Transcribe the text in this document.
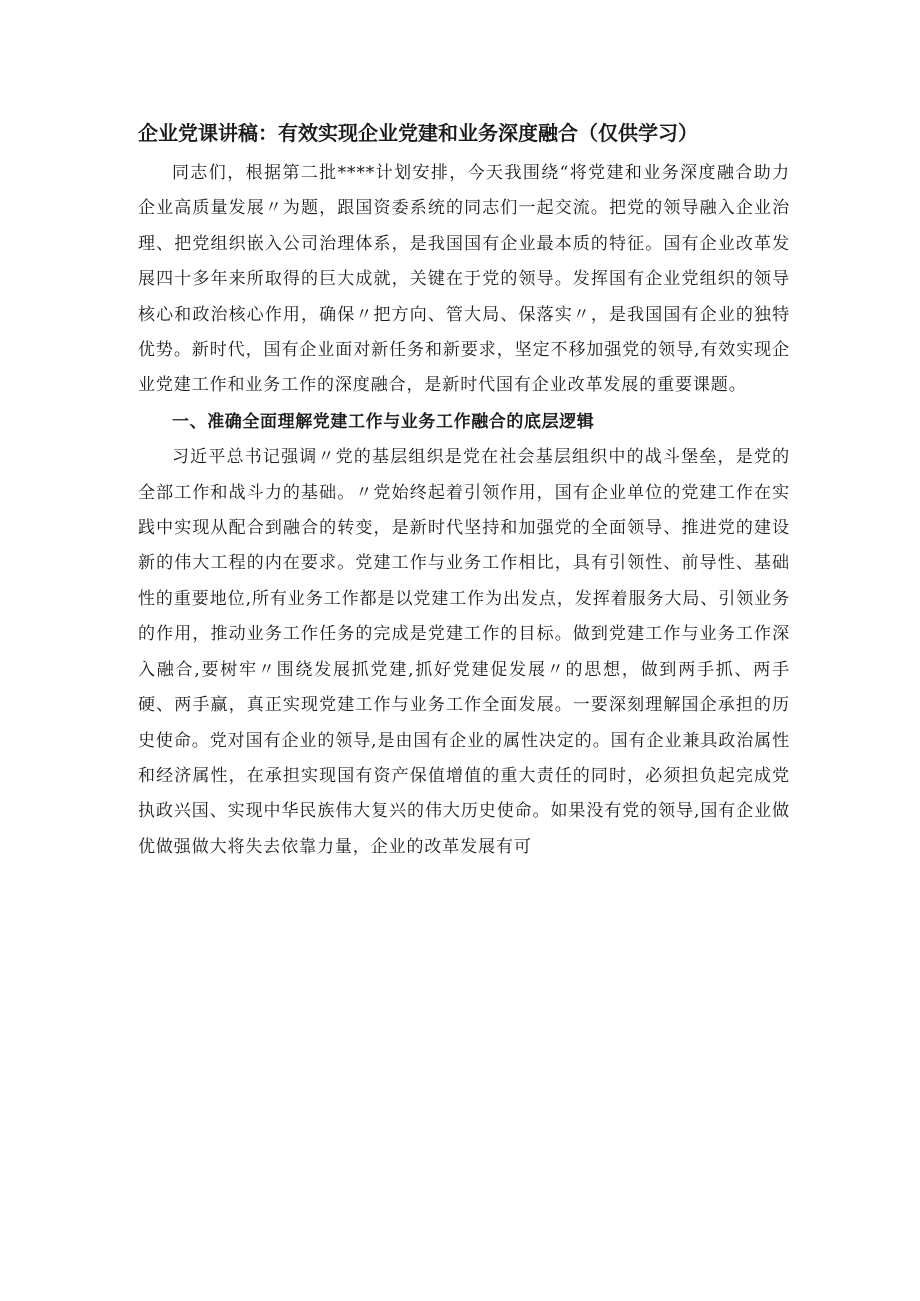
企业党课讲稿：有效实现企业党建和业务深度融合（仅供学习）

同志们，根据第二批****计划安排，今天我围绕“将党建和业务深度融合助力企业高质量发展〃为题，跟国资委系统的同志们一起交流。把党的领导融入企业治理、把党组织嵌入公司治理体系，是我国国有企业最本质的特征。国有企业改革发展四十多年来所取得的巨大成就，关键在于党的领导。发挥国有企业党组织的领导核心和政治核心作用，确保〃把方向、管大局、保落实〃，是我国国有企业的独特优势。新时代，国有企业面对新任务和新要求，坚定不移加强党的领导,有效实现企业党建工作和业务工作的深度融合，是新时代国有企业改革发展的重要课题。

一、准确全面理解党建工作与业务工作融合的底层逻辑

习近平总书记强调〃党的基层组织是党在社会基层组织中的战斗堡垒，是党的全部工作和战斗力的基础。〃党始终起着引领作用，国有企业单位的党建工作在实践中实现从配合到融合的转变，是新时代坚持和加强党的全面领导、推进党的建设新的伟大工程的内在要求。党建工作与业务工作相比，具有引领性、前导性、基础性的重要地位,所有业务工作都是以党建工作为出发点，发挥着服务大局、引领业务的作用，推动业务工作任务的完成是党建工作的目标。做到党建工作与业务工作深入融合,要树牢〃围绕发展抓党建,抓好党建促发展〃的思想，做到两手抓、两手硬、两手赢，真正实现党建工作与业务工作全面发展。一要深刻理解国企承担的历史使命。党对国有企业的领导,是由国有企业的属性决定的。国有企业兼具政治属性和经济属性，在承担实现国有资产保值增值的重大责任的同时，必须担负起完成党执政兴国、实现中华民族伟大复兴的伟大历史使命。如果没有党的领导,国有企业做优做强做大将失去依靠力量，企业的改革发展有可
